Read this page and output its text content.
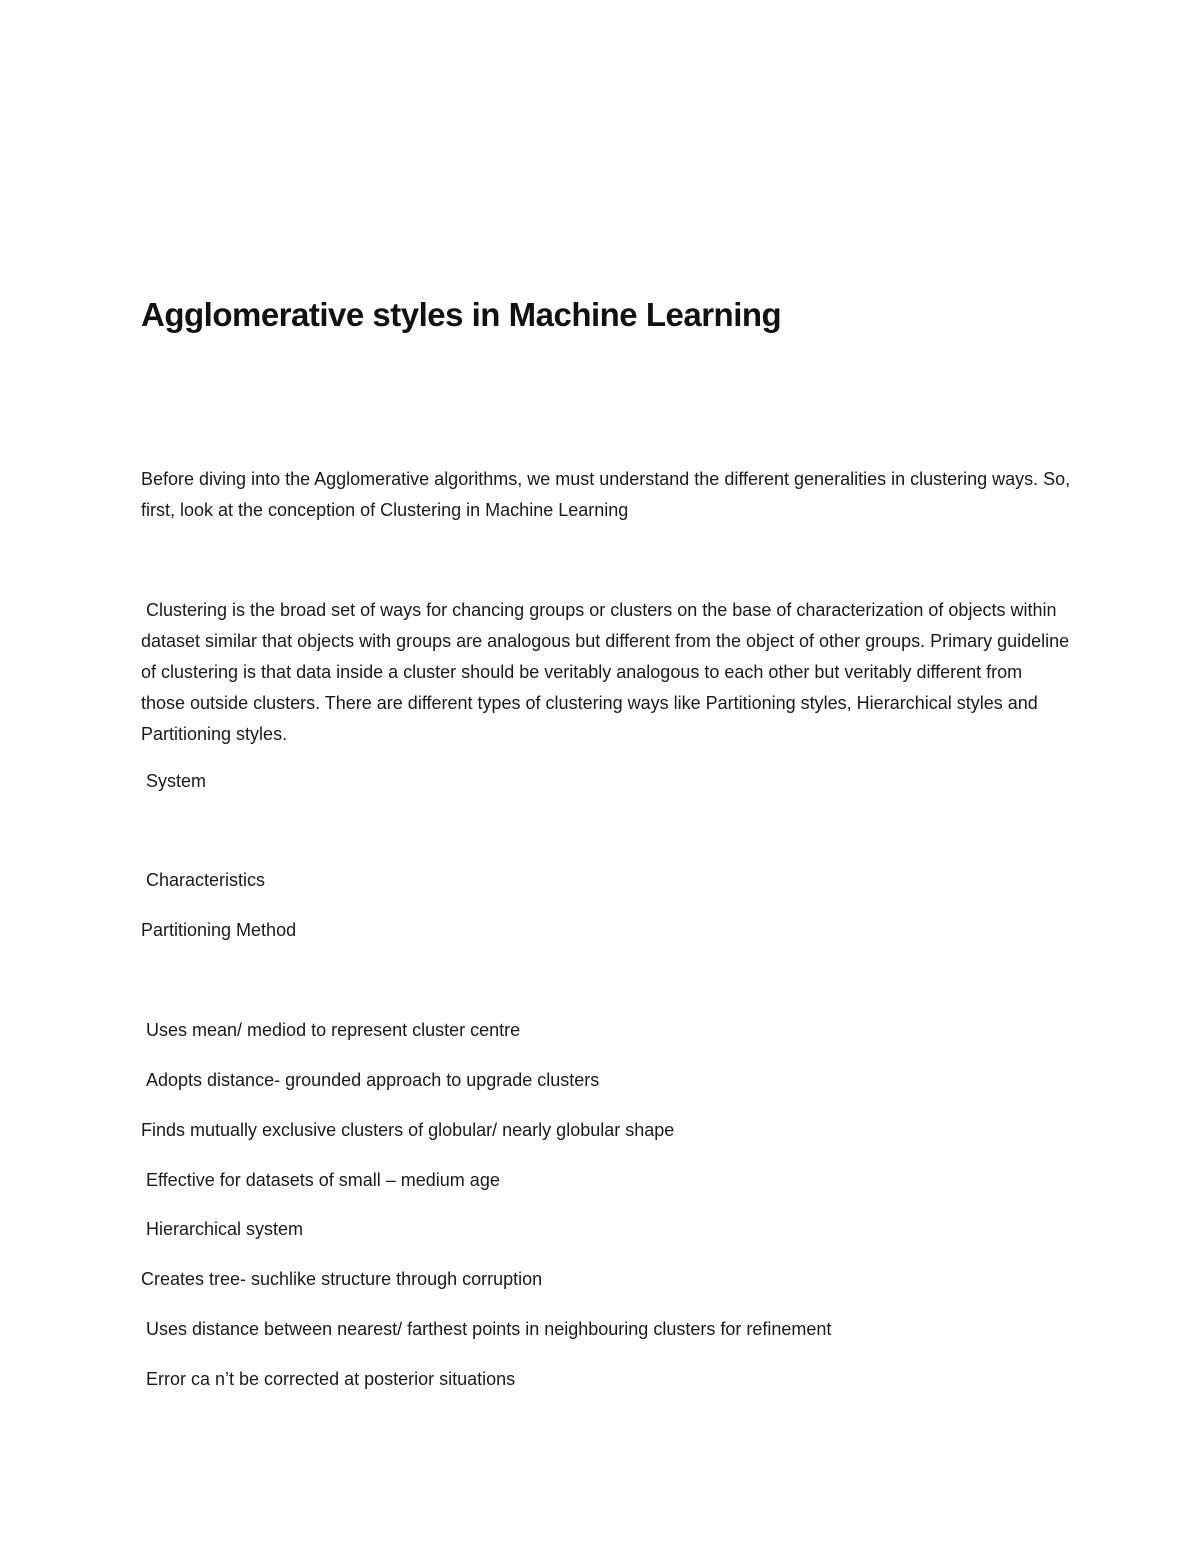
Agglomerative styles in Machine Learning
Before diving into the Agglomerative algorithms, we must understand the different generalities in clustering ways. So, first, look at the conception of Clustering in Machine Learning
Clustering is the broad set of ways for chancing groups or clusters on the base of characterization of objects within dataset similar that objects with groups are analogous but different from the object of other groups. Primary guideline of clustering is that data inside a cluster should be veritably analogous to each other but veritably different from those outside clusters. There are different types of clustering ways like Partitioning styles, Hierarchical styles and Partitioning styles.
System
Characteristics
Partitioning Method
Uses mean/ mediod to represent cluster centre
Adopts distance- grounded approach to upgrade clusters
Finds mutually exclusive clusters of globular/ nearly globular shape
Effective for datasets of small – medium age
Hierarchical system
Creates tree- suchlike structure through corruption
Uses distance between nearest/ farthest points in neighbouring clusters for refinement
Error ca n’t be corrected at posterior situations
